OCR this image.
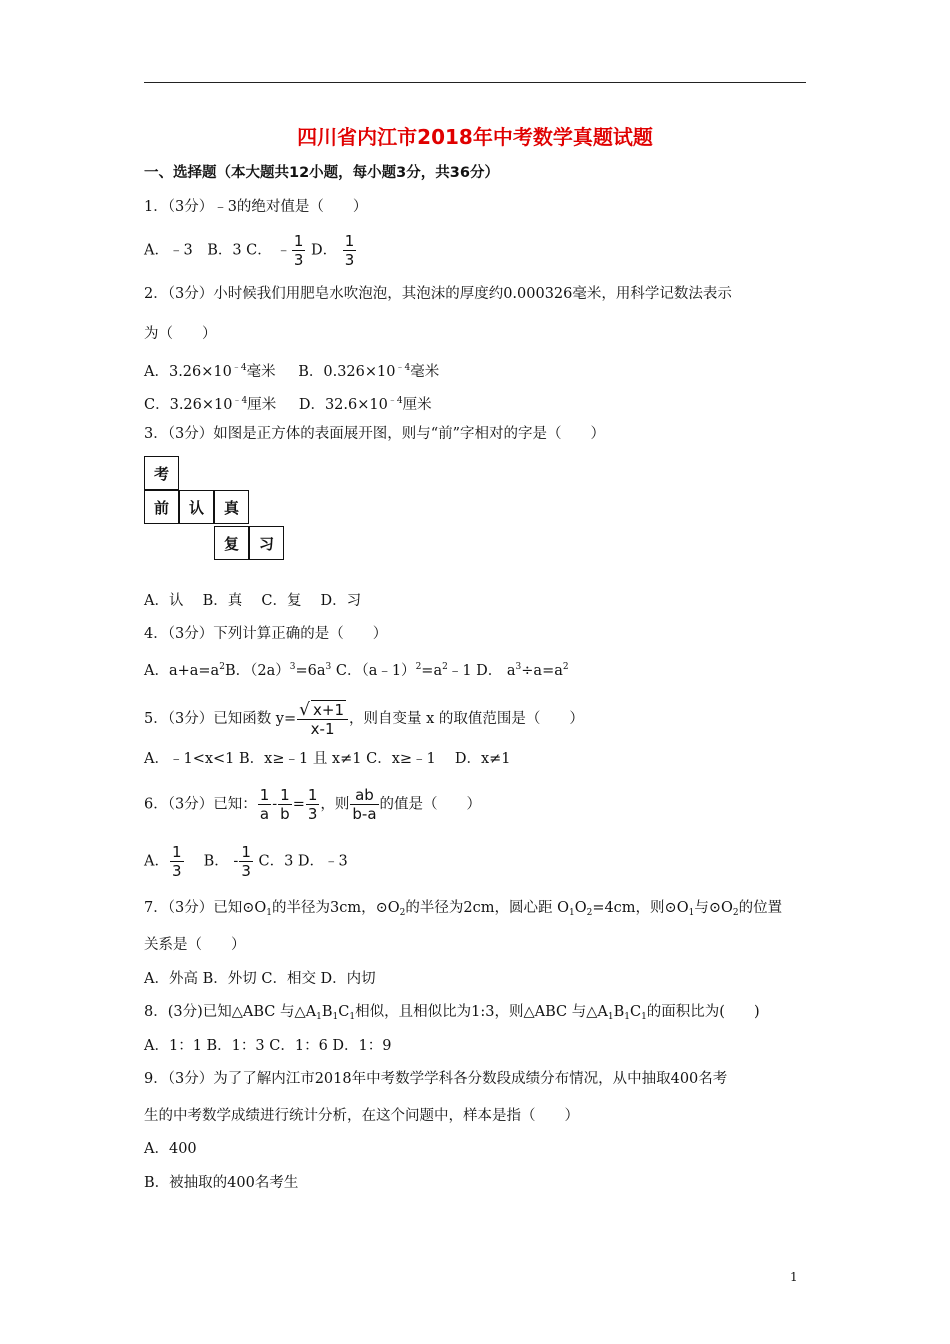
四川省内江市2018年中考数学真题试题
一、选择题（本大题共12小题，每小题3分，共36分）
1．（3分）﹣3的绝对值是（　　）
A．﹣3　B．3 C． ﹣ $\frac{1}{3}$ D． $\frac{1}{3}$
2．（3分）小时候我们用肥皂水吹泡泡，其泡沫的厚度约0.000326毫米，用科学记数法表示
为（　　）
A．$3.26\times 10^{﹣4}$毫米 B．$0.326\times 10^{﹣4}$毫米
C．$3.26\times 10^{﹣4}$厘米 D．$32.6\times 10^{﹣4}$厘米
3．（3分）如图是正方体的表面展开图，则与“前”字相对的字是（　　）
考
前	认	真
复	习
A．认　 B．真　 C．复　 D．习
4．（3分）下列计算正确的是（　　）
A．$a+a=a^2B$．$(2a)^3=6a^3$ C．$(a﹣1)^2=a^2﹣1$ D． $a^3\div a=a^2$
5．（3分）已知函数 $y= \frac{√ x+1}{x-1}$ ，则自变量 x 的取值范围是（　　）
A．﹣1<x<1 B．x≥﹣1 且 x≠1 C．x≥﹣1　 D．x≠1
6．（3分）已知： $\frac{1}{a} - \frac{1}{b} = \frac{1}{3}$ ，则 $\frac{ab}{b-a}$ 的值是（　　）
A． $\frac{1}{3}$ 　 B． - $\frac{1}{3}$ C．3 D．﹣3
7．（3分）已知$⊙O_1$的半径为3cm，$⊙O_2$的半径为2cm，圆心距 $O_1O_2=4cm$，则$⊙O_1$与$⊙O_2$的位置
关系是（　　）
A．外高 B．外切 C．相交 D．内切
8．(3分)已知△ABC 与$\triangle A_1B_1C_1$相似，且相似比为1:3，则△ABC 与$\triangle A_1B_1C_1$的面积比为(　　)
A．1：1 B．1：3 C．1：6 D．1：9
9．（3分）为了了解内江市2018年中考数学学科各分数段成绩分布情况，从中抽取400名考
生的中考数学成绩进行统计分析，在这个问题中，样本是指（　　）
A．400
B．被抽取的400名考生
1
